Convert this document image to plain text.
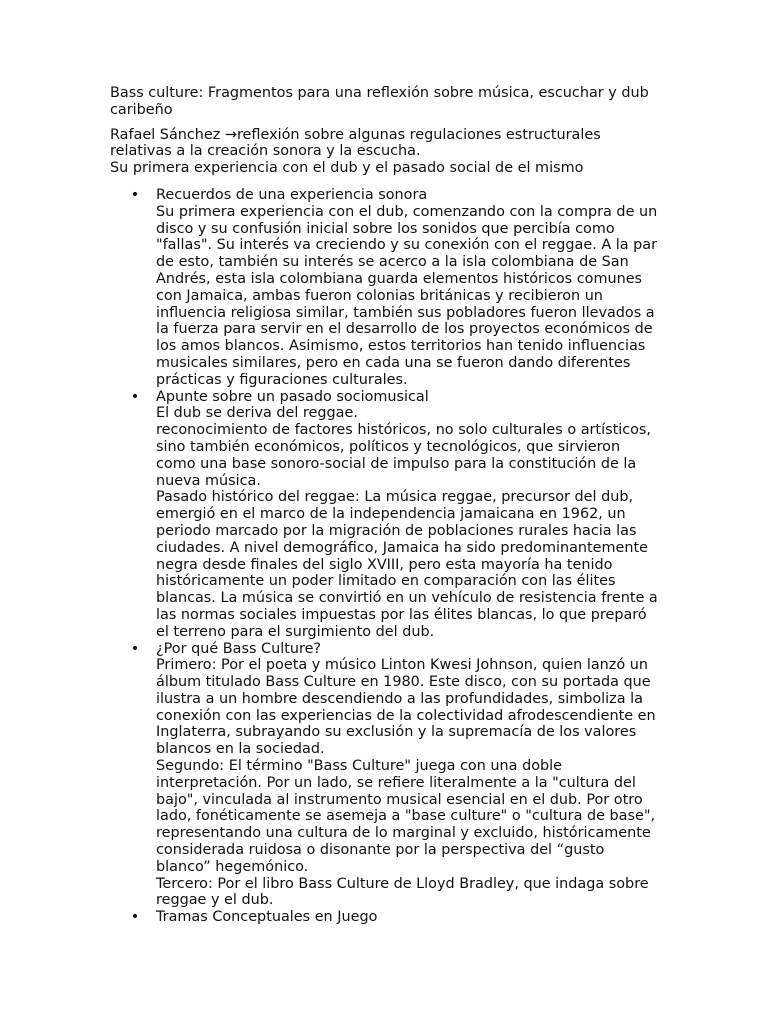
Bass culture: Fragmentos para una reflexión sobre música, escuchar y dub caribeño

Rafael Sánchez →reflexión sobre algunas regulaciones estructurales
relativas a la creación sonora y la escucha.
Su primera experiencia con el dub y el pasado social de el mismo
• Recuerdos de una experiencia sonora
Su primera experiencia con el dub, comenzando con la compra de un disco y su confusión inicial sobre los sonidos que percibía como "fallas". Su interés va creciendo y su conexión con el reggae. A la par de esto, también su interés se acerco a la isla colombiana de San Andrés, esta isla colombiana guarda elementos históricos comunes con Jamaica, ambas fueron colonias británicas y recibieron un influencia religiosa similar, también sus pobladores fueron llevados a la fuerza para servir en el desarrollo de los proyectos económicos de los amos blancos. Asimismo, estos territorios han tenido influencias musicales similares, pero en cada una se fueron dando diferentes prácticas y figuraciones culturales.
• Apunte sobre un pasado sociomusical
El dub se deriva del reggae.
reconocimiento de factores históricos, no solo culturales o artísticos, sino también económicos, políticos y tecnológicos, que sirvieron como una base sonoro-social de impulso para la constitución de la nueva música.
Pasado histórico del reggae: La música reggae, precursor del dub, emergió en el marco de la independencia jamaicana en 1962, un periodo marcado por la migración de poblaciones rurales hacia las ciudades. A nivel demográfico, Jamaica ha sido predominantemente negra desde finales del siglo XVIII, pero esta mayoría ha tenido históricamente un poder limitado en comparación con las élites blancas. La música se convirtió en un vehículo de resistencia frente a las normas sociales impuestas por las élites blancas, lo que preparó el terreno para el surgimiento del dub.
• ¿Por qué Bass Culture?
Primero: Por el poeta y músico Linton Kwesi Johnson, quien lanzó un álbum titulado Bass Culture en 1980. Este disco, con su portada que ilustra a un hombre descendiendo a las profundidades, simboliza la conexión con las experiencias de la colectividad afrodescendiente en Inglaterra, subrayando su exclusión y la supremacía de los valores blancos en la sociedad.
Segundo: El término "Bass Culture" juega con una doble interpretación. Por un lado, se refiere literalmente a la "cultura del bajo", vinculada al instrumento musical esencial en el dub. Por otro lado, fonéticamente se asemeja a "base culture" o "cultura de base", representando una cultura de lo marginal y excluido, históricamente considerada ruidosa o disonante por la perspectiva del “gusto blanco” hegemónico.
Tercero: Por el libro Bass Culture de Lloyd Bradley, que indaga sobre reggae y el dub.
• Tramas Conceptuales en Juego
